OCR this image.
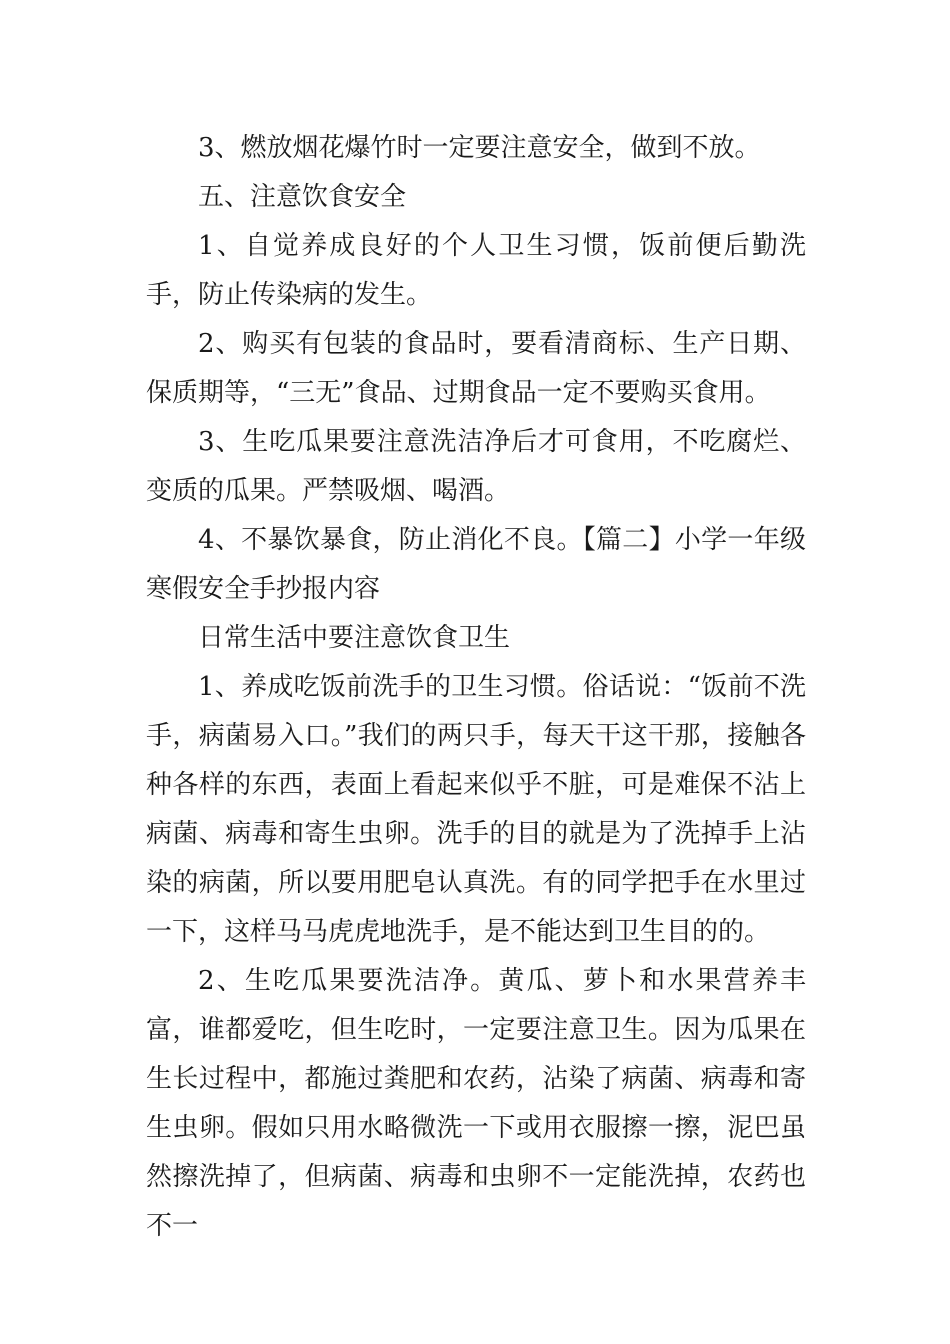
3、燃放烟花爆竹时一定要注意安全，做到不放。

五、注意饮食安全

1、自觉养成良好的个人卫生习惯，饭前便后勤洗手，防止传染病的发生。

2、购买有包装的食品时，要看清商标、生产日期、保质期等，“三无”食品、过期食品一定不要购买食用。

3、生吃瓜果要注意洗洁净后才可食用，不吃腐烂、变质的瓜果。严禁吸烟、喝酒。

4、不暴饮暴食，防止消化不良。【篇二】小学一年级寒假安全手抄报内容

日常生活中要注意饮食卫生

1、养成吃饭前洗手的卫生习惯。俗话说：“饭前不洗手，病菌易入口。”我们的两只手，每天干这干那，接触各种各样的东西，表面上看起来似乎不脏，可是难保不沾上病菌、病毒和寄生虫卵。洗手的目的就是为了洗掉手上沾染的病菌，所以要用肥皂认真洗。有的同学把手在水里过一下，这样马马虎虎地洗手，是不能达到卫生目的的。

2、生吃瓜果要洗洁净。黄瓜、萝卜和水果营养丰富，谁都爱吃，但生吃时，一定要注意卫生。因为瓜果在生长过程中，都施过粪肥和农药，沾染了病菌、病毒和寄生虫卵。假如只用水略微洗一下或用衣服擦一擦，泥巴虽然擦洗掉了，但病菌、病毒和虫卵不一定能洗掉，农药也不一
